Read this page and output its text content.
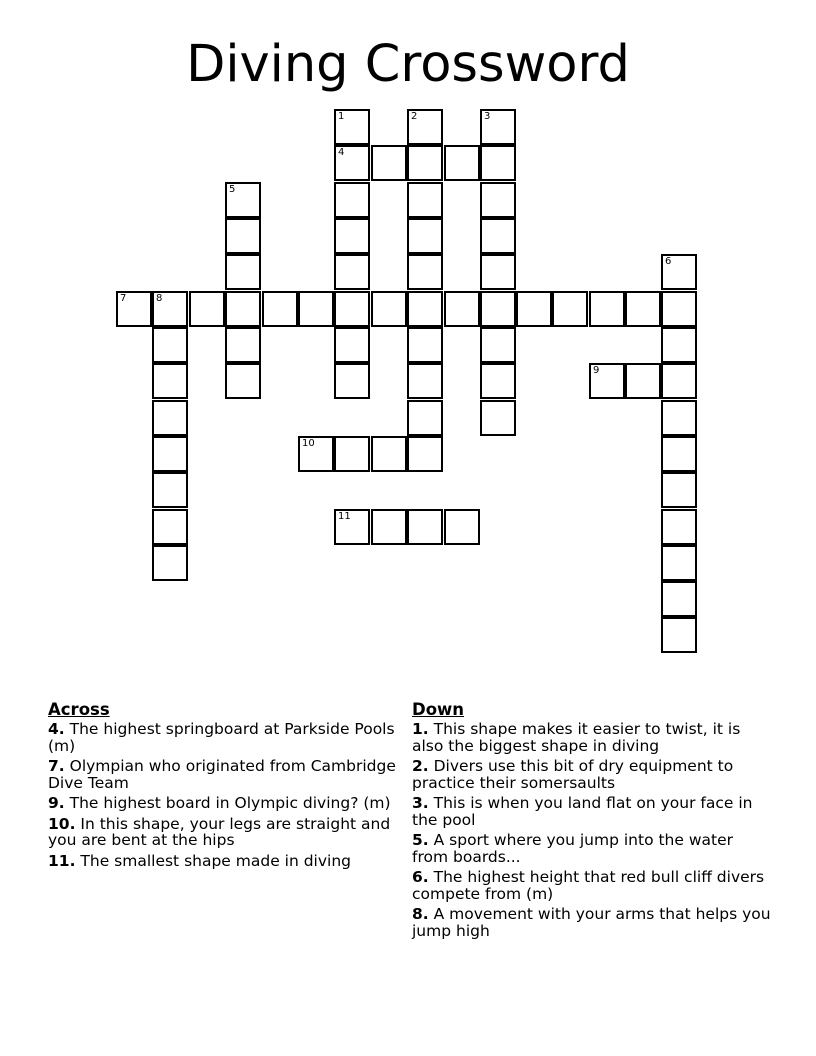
Diving Crossword
1	2	3
4
5
6
7	8
9
10
11
Across
4. The highest springboard at Parkside Pools (m)
7. Olympian who originated from Cambridge Dive Team
9. The highest board in Olympic diving? (m)
10. In this shape, your legs are straight and you are bent at the hips
11. The smallest shape made in diving
Down
1. This shape makes it easier to twist, it is also the biggest shape in diving
2. Divers use this bit of dry equipment to practice their somersaults
3. This is when you land flat on your face in the pool
5. A sport where you jump into the water from boards...
6. The highest height that red bull cliff divers compete from (m)
8. A movement with your arms that helps you jump high
